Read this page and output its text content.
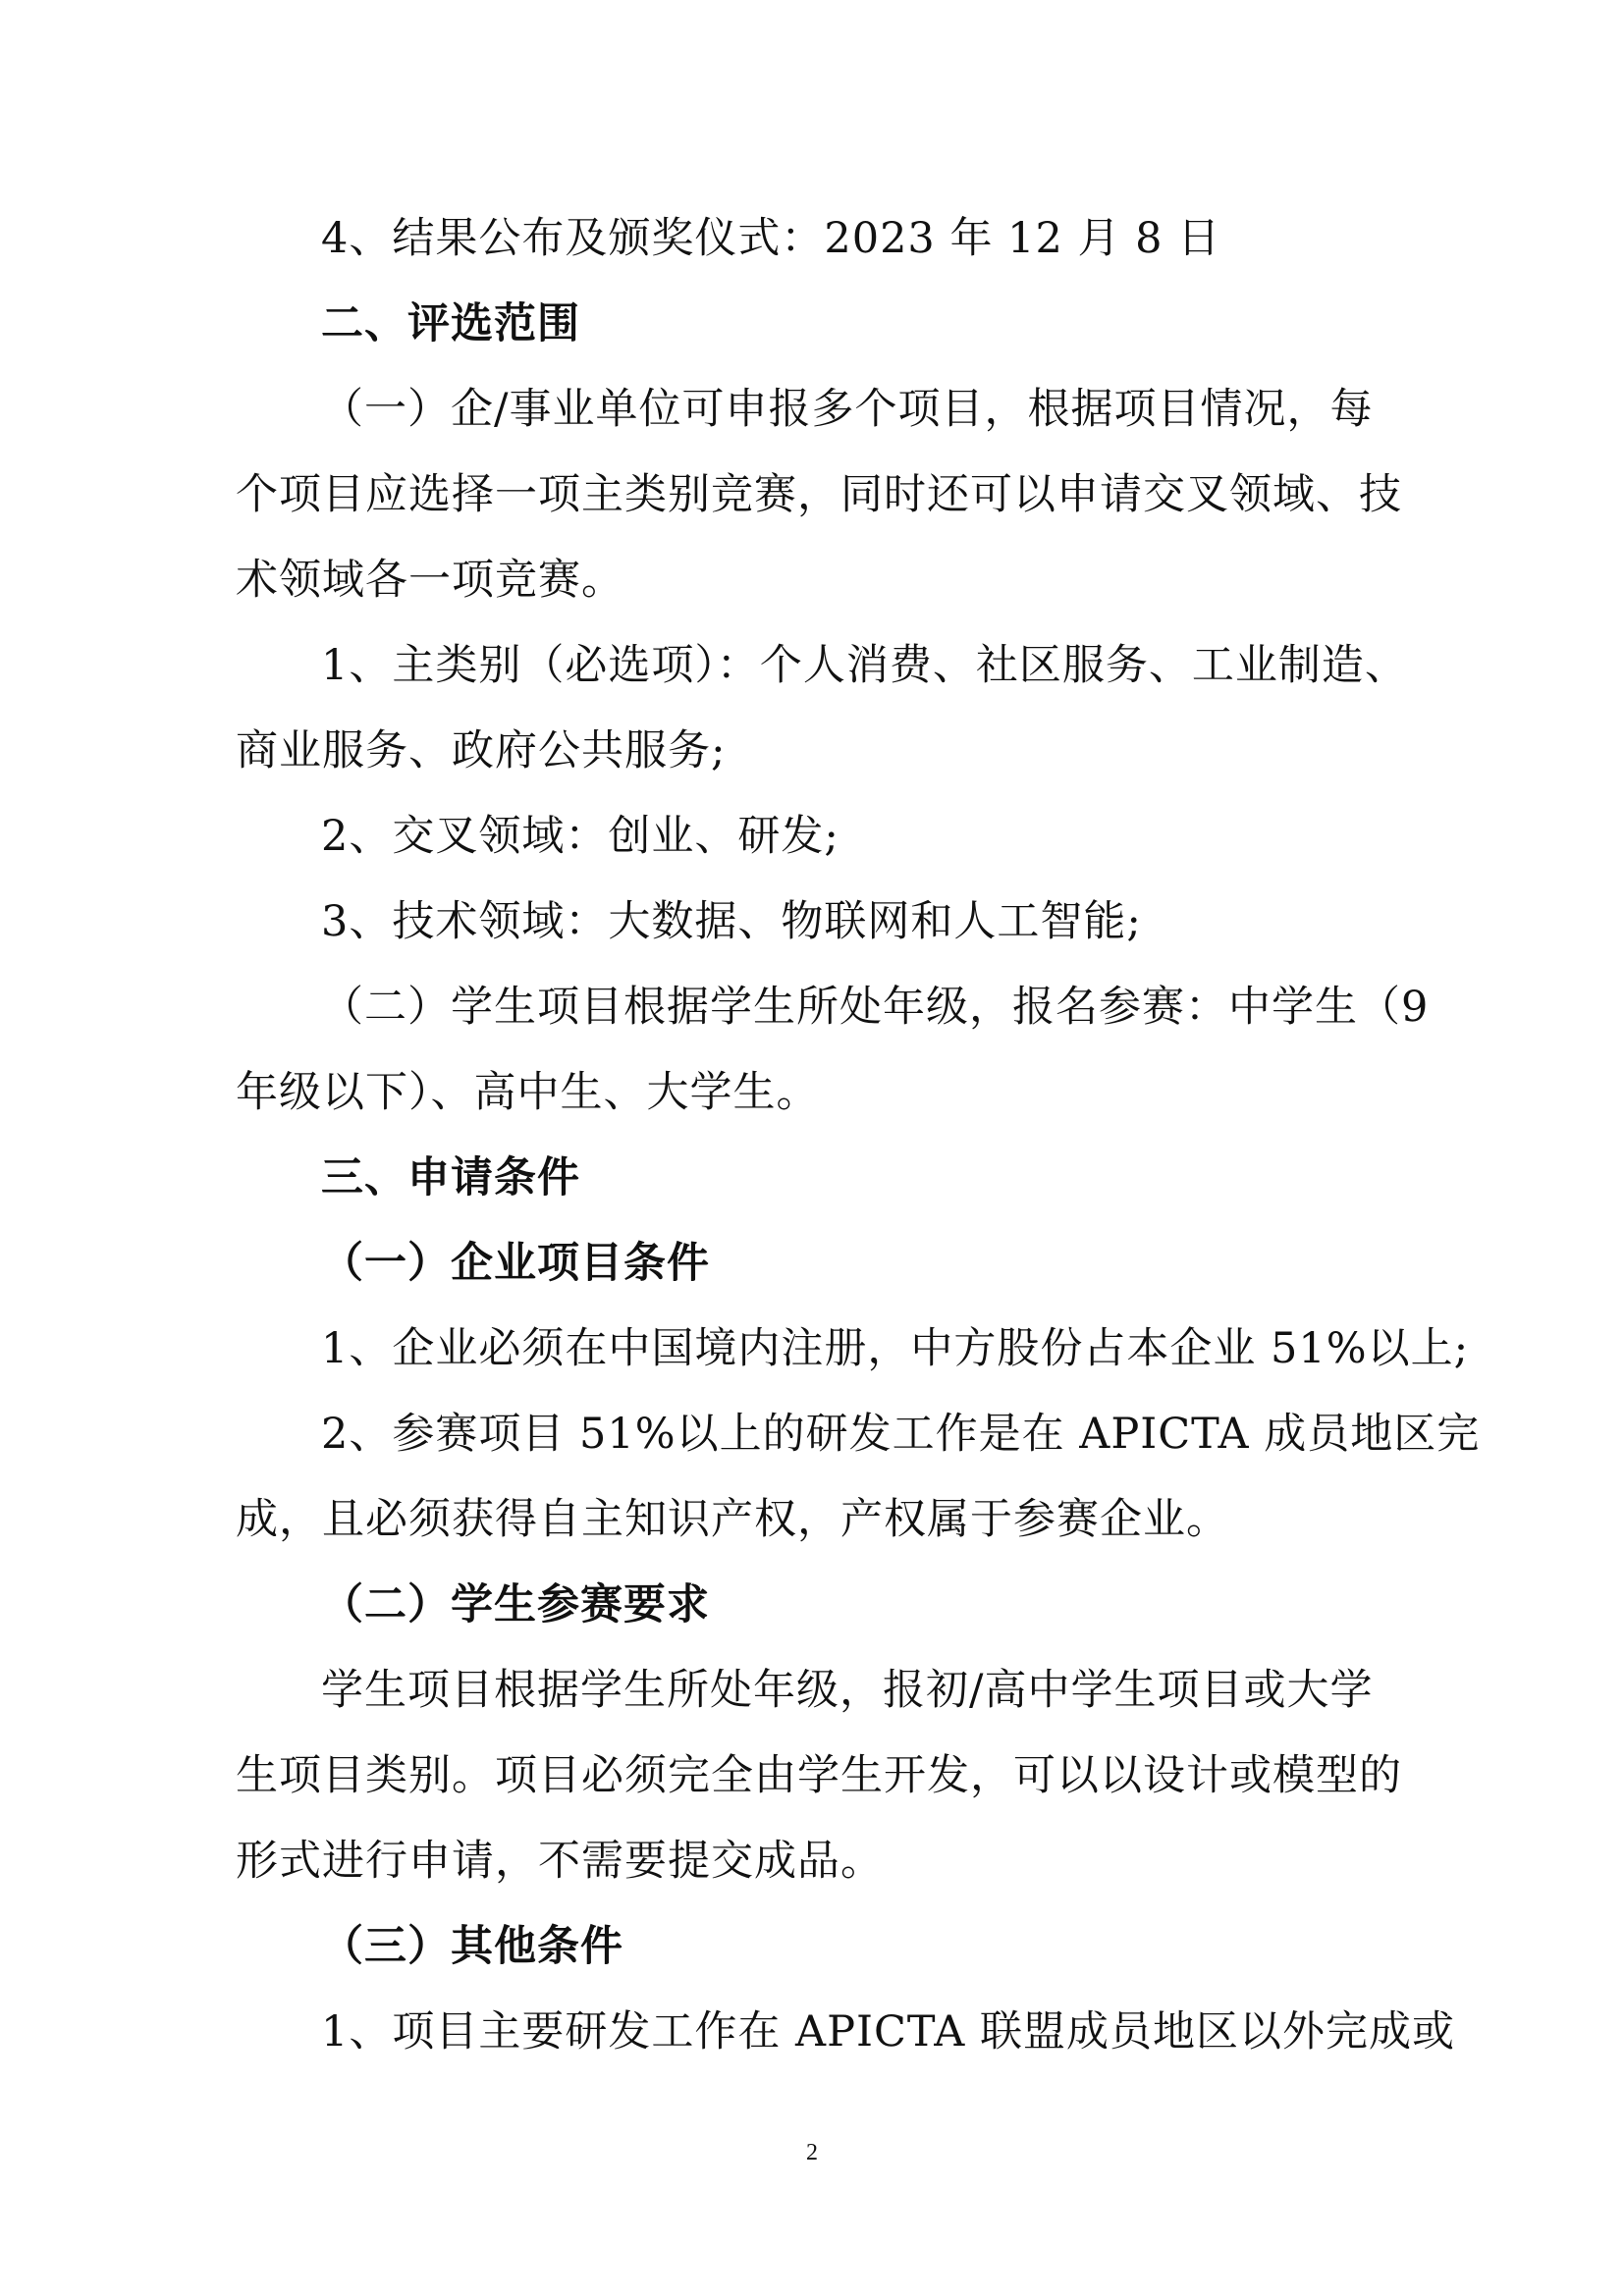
4、结果公布及颁奖仪式：2023 年 12 月 8 日
二、评选范围
（一）企/事业单位可申报多个项目，根据项目情况，每
个项目应选择一项主类别竞赛，同时还可以申请交叉领域、技
术领域各一项竞赛。
1、主类别（必选项）：个人消费、社区服务、工业制造、
商业服务、政府公共服务;
2、交叉领域：创业、研发;
3、技术领域：大数据、物联网和人工智能;
（二）学生项目根据学生所处年级，报名参赛：中学生（9
年级以下）、高中生、大学生。
三、申请条件
（一）企业项目条件
1、企业必须在中国境内注册，中方股份占本企业 51%以上;
2、参赛项目 51%以上的研发工作是在 APICTA 成员地区完
成，且必须获得自主知识产权，产权属于参赛企业。
（二）学生参赛要求
学生项目根据学生所处年级，报初/高中学生项目或大学
生项目类别。项目必须完全由学生开发，可以以设计或模型的
形式进行申请，不需要提交成品。
（三）其他条件
1、项目主要研发工作在 APICTA 联盟成员地区以外完成或
2
